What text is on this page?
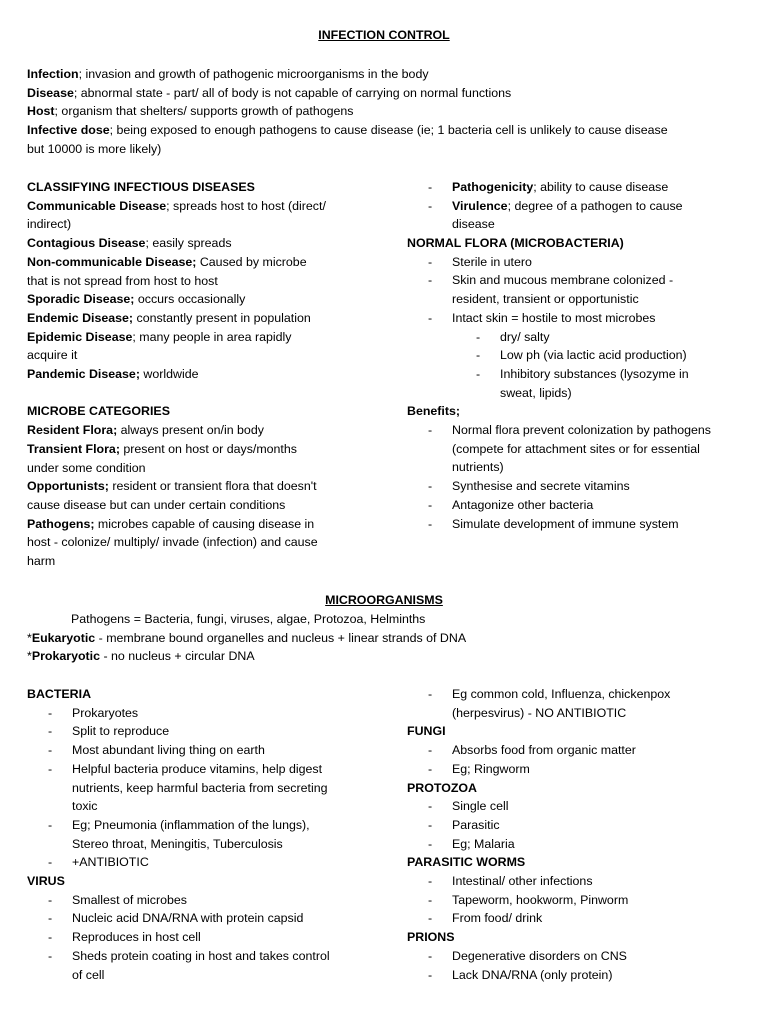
INFECTION CONTROL
Infection; invasion and growth of pathogenic microorganisms in the body
Disease; abnormal state - part/ all of body is not capable of carrying on normal functions
Host; organism that shelters/ supports growth of pathogens
Infective dose; being exposed to enough pathogens to cause disease (ie; 1 bacteria cell is unlikely to cause disease
but 10000 is more likely)
CLASSIFYING INFECTIOUS DISEASES
Communicable Disease; spreads host to host (direct/
indirect)
Contagious Disease; easily spreads
Non-communicable Disease; Caused by microbe
that is not spread from host to host
Sporadic Disease; occurs occasionally
Endemic Disease; constantly present in population
Epidemic Disease; many people in area rapidly
acquire it
Pandemic Disease; worldwide
MICROBE CATEGORIES
Resident Flora; always present on/in body
Transient Flora; present on host or days/months
under some condition
Opportunists; resident or transient flora that doesn't
cause disease but can under certain conditions
Pathogens; microbes capable of causing disease in
host - colonize/ multiply/ invade (infection) and cause
harm
- Pathogenicity; ability to cause disease
- Virulence; degree of a pathogen to cause
disease
NORMAL FLORA (MICROBACTERIA)
- Sterile in utero
- Skin and mucous membrane colonized -
resident, transient or opportunistic
- Intact skin = hostile to most microbes
- dry/ salty
- Low ph (via lactic acid production)
- Inhibitory substances (lysozyme in
sweat, lipids)
Benefits;
- Normal flora prevent colonization by pathogens
(compete for attachment sites or for essential
nutrients)
- Synthesise and secrete vitamins
- Antagonize other bacteria
- Simulate development of immune system
MICROORGANISMS
Pathogens = Bacteria, fungi, viruses, algae, Protozoa, Helminths
*Eukaryotic - membrane bound organelles and nucleus + linear strands of DNA
*Prokaryotic - no nucleus + circular DNA
BACTERIA
- Prokaryotes
- Split to reproduce
- Most abundant living thing on earth
- Helpful bacteria produce vitamins, help digest
nutrients, keep harmful bacteria from secreting
toxic
- Eg; Pneumonia (inflammation of the lungs),
Stereo throat, Meningitis, Tuberculosis
- +ANTIBIOTIC
VIRUS
- Smallest of microbes
- Nucleic acid DNA/RNA with protein capsid
- Reproduces in host cell
- Sheds protein coating in host and takes control
of cell
- Eg common cold, Influenza, chickenpox
(herpesvirus) - NO ANTIBIOTIC
FUNGI
- Absorbs food from organic matter
- Eg; Ringworm
PROTOZOA
- Single cell
- Parasitic
- Eg; Malaria
PARASITIC WORMS
- Intestinal/ other infections
- Tapeworm, hookworm, Pinworm
- From food/ drink
PRIONS
- Degenerative disorders on CNS
- Lack DNA/RNA (only protein)
